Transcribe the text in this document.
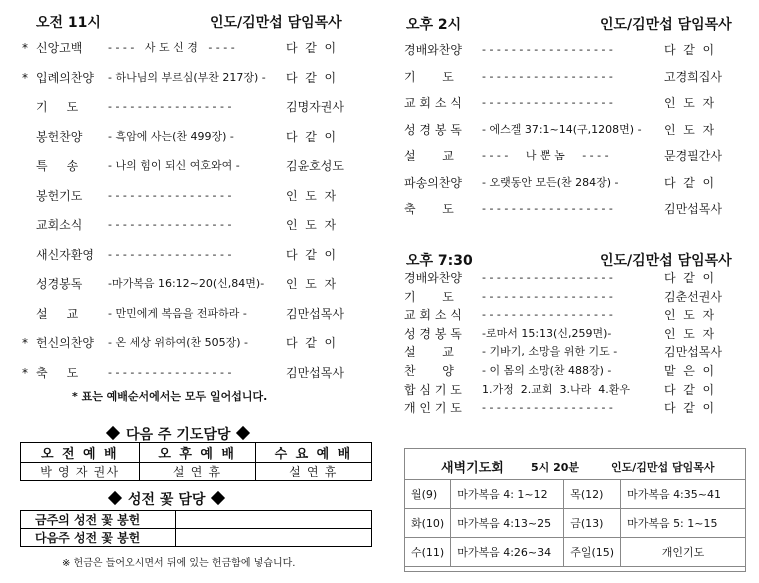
오전 11시	인도/김만섭 담임목사
* 신앙고백 - - - -   사 도 신 경   - - - -	다  같  이
* 입례의찬양 - 하나님의 부르심(부찬 217장) -	다  같  이
기     도	- - - - - - - - - - - - - - - - -	김명자권사
봉헌찬양 - 흑암에 사는(찬 499장) -	다  같  이
특     송	- 나의 힘이 되신 여호와여 -	김윤호성도
봉헌기도 - - - - - - - - - - - - - - - - -	인  도  자
교회소식 - - - - - - - - - - - - - - - - -	인  도  자
새신자환영 - - - - - - - - - - - - - - - - -	다  같  이
성경봉독 -마가복음 16:12~20(신,84면)-	인  도  자
설     교	- 만민에게 복음을 전파하라 -	김만섭목사
* 헌신의찬양 - 온 세상 위하여(찬 505장) -	다  같  이
* 축     도	- - - - - - - - - - - - - - - - -	김만섭목사
* 표는 예배순서에서는 모두 일어섭니다.
다음 주 기도담당
오 전 예 배	오 후 예 배	수 요 예 배
박 영 자 권사	설 연 휴	설 연 휴
성전 꽃 담당
금주의 성전 꽃 봉헌	
다음주 성전 꽃 봉헌	
※ 헌금은 들어오시면서 뒤에 있는 헌금함에 넣습니다.
오후 2시	인도/김만섭 담임목사
경배와찬양 - - - - - - - - - - - - - - - - - -	다  같  이
기       도	- - - - - - - - - - - - - - - - - -	고경희집사
교 회 소 식 - - - - - - - - - - - - - - - - - -	인  도  자
성 경 봉 독 - 에스겔 37:1~14(구,1208면) -	인  도  자
설       교	- - - -     나 뿐 놈     - - - -	문경필간사
파송의찬양 - 오랫동안 모든(찬 284장) -	다  같  이
축       도	- - - - - - - - - - - - - - - - - -	김만섭목사
오후 7:30	인도/김만섭 담임목사
경배와찬양 - - - - - - - - - - - - - - - - - -	다  같  이
기       도	- - - - - - - - - - - - - - - - - -	김춘선권사
교 회 소 식 - - - - - - - - - - - - - - - - - -	인  도  자
성 경 봉 독 -로마서 15:13(신,259면)-	인  도  자
설       교	- 기바기, 소망을 위한 기도 -	김만섭목사
찬       양	- 이 몸의 소망(찬 488장) -	맡  은  이
합 심 기 도 1.가정  2.교회  3.나라  4.환우	다  같  이
개 인 기 도 - - - - - - - - - - - - - - - - - -	다  같  이
새벽기도회 5시 20분	인도/김만섭 담임목사
월(9)	마가복음 4: 1~12	목(12)	마가복음 4:35~41
화(10)	마가복음 4:13~25	금(13)	마가복음 5: 1~15
수(11)	마가복음 4:26~34	주일(15)	개인기도
